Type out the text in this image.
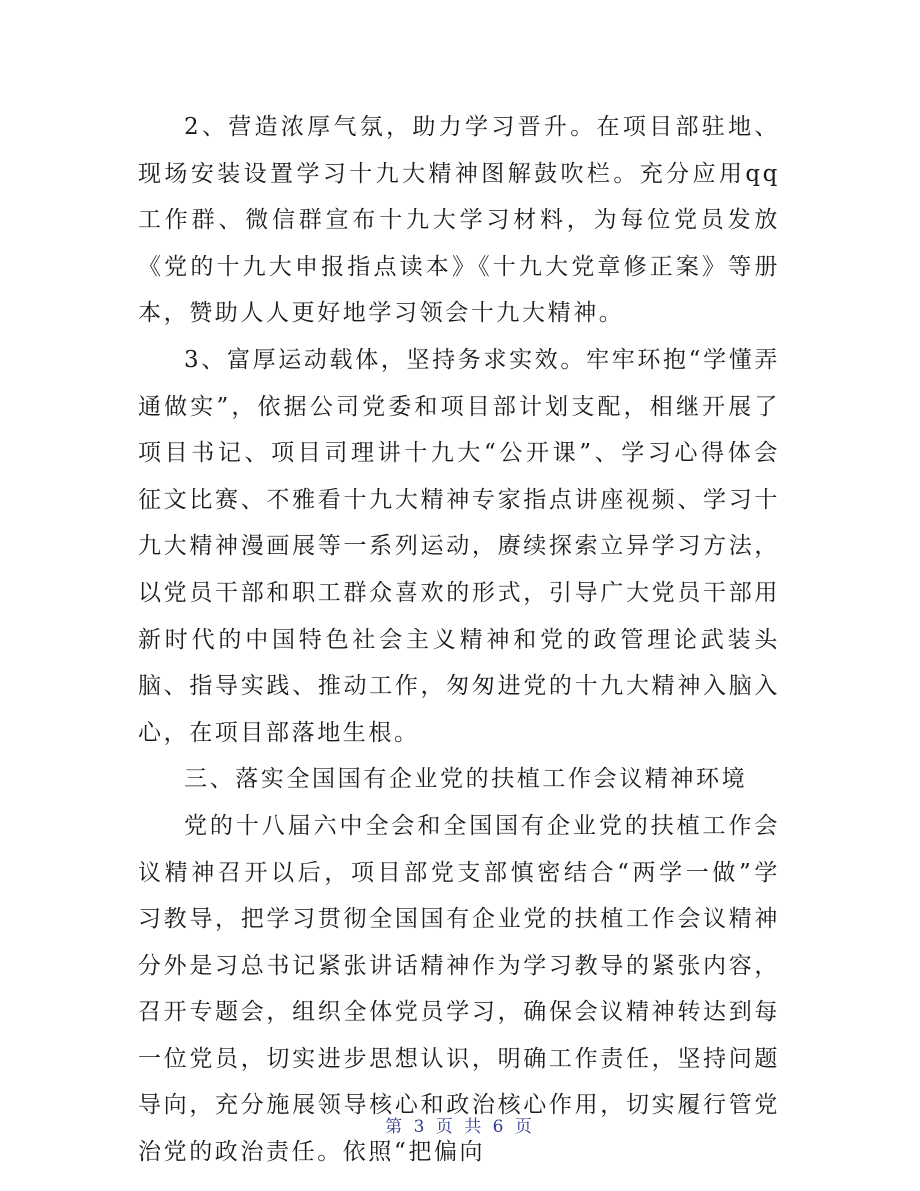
2、营造浓厚气氛，助力学习晋升。在项目部驻地、现场安装设置学习十九大精神图解鼓吹栏。充分应用qq工作群、微信群宣布十九大学习材料，为每位党员发放《党的十九大申报指点读本》《十九大党章修正案》等册本，赞助人人更好地学习领会十九大精神。

3、富厚运动载体，坚持务求实效。牢牢环抱“学懂弄通做实”，依据公司党委和项目部计划支配，相继开展了项目书记、项目司理讲十九大“公开课”、学习心得体会征文比赛、不雅看十九大精神专家指点讲座视频、学习十九大精神漫画展等一系列运动，赓续探索立异学习方法，以党员干部和职工群众喜欢的形式，引导广大党员干部用新时代的中国特色社会主义精神和党的政管理论武装头脑、指导实践、推动工作，匆匆进党的十九大精神入脑入心，在项目部落地生根。

三、落实全国国有企业党的扶植工作会议精神环境

党的十八届六中全会和全国国有企业党的扶植工作会议精神召开以后，项目部党支部慎密结合“两学一做”学习教导，把学习贯彻全国国有企业党的扶植工作会议精神分外是习总书记紧张讲话精神作为学习教导的紧张内容，召开专题会，组织全体党员学习，确保会议精神转达到每一位党员，切实进步思想认识，明确工作责任，坚持问题导向，充分施展领导核心和政治核心作用，切实履行管党治党的政治责任。依照“把偏向

第 3 页 共 6 页
